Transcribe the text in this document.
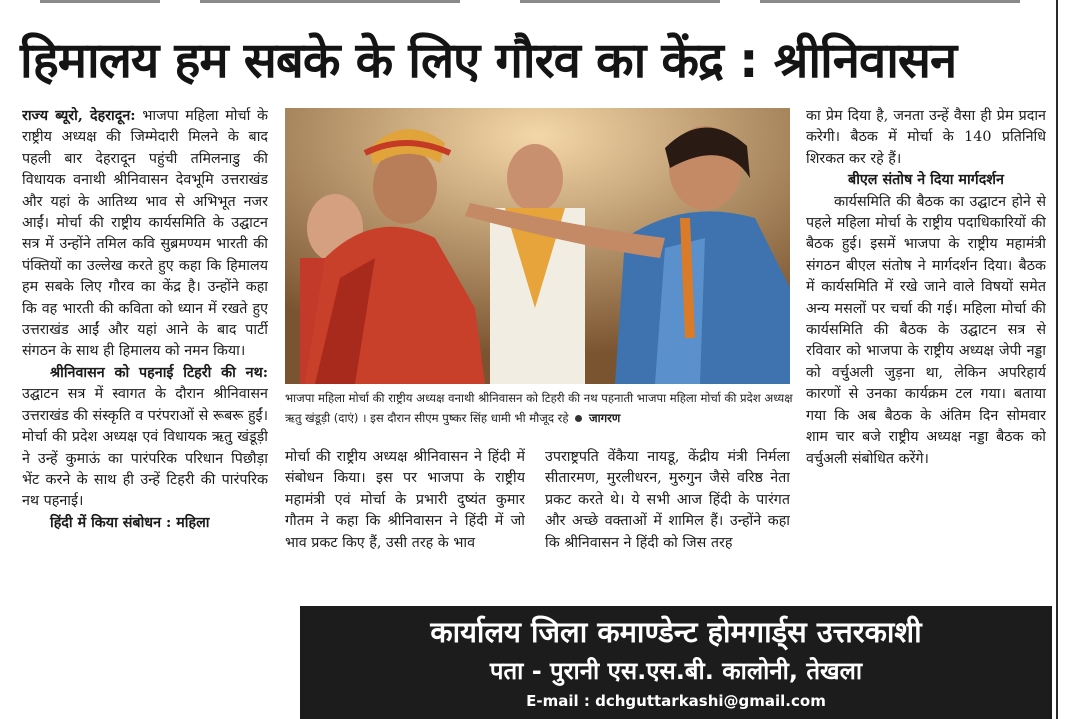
हिमालय हम सबके के लिए गौरव का केंद्र : श्रीनिवासन

राज्य ब्यूरो, देहरादून: भाजपा महिला मोर्चा के राष्ट्रीय अध्यक्ष की जिम्मेदारी मिलने के बाद पहली बार देहरादून पहुंची तमिलनाडु की विधायक वनाथी श्रीनिवासन देवभूमि उत्तराखंड और यहां के आतिथ्य भाव से अभिभूत नजर आईं। मोर्चा की राष्ट्रीय कार्यसमिति के उद्घाटन सत्र में उन्होंने तमिल कवि सुब्रमण्यम भारती की पंक्तियों का उल्लेख करते हुए कहा कि हिमालय हम सबके लिए गौरव का केंद्र है। उन्होंने कहा कि वह भारती की कविता को ध्यान में रखते हुए उत्तराखंड आईं और यहां आने के बाद पार्टी संगठन के साथ ही हिमालय को नमन किया।

श्रीनिवासन को पहनाई टिहरी की नथ: उद्घाटन सत्र में स्वागत के दौरान श्रीनिवासन उत्तराखंड की संस्कृति व परंपराओं से रूबरू हुईं। मोर्चा की प्रदेश अध्यक्ष एवं विधायक ऋतु खंडूड़ी ने उन्हें कुमाऊं का पारंपरिक परिधान पिछौड़ा भेंट करने के साथ ही उन्हें टिहरी की पारंपरिक नथ पहनाई।

हिंदी में किया संबोधन : महिला

भाजपा महिला मोर्चा की राष्ट्रीय अध्यक्ष वनाथी श्रीनिवासन को टिहरी की नथ पहनाती भाजपा महिला मोर्चा की प्रदेश अध्यक्ष ऋतु खंडूड़ी (दाएं) । इस दौरान सीएम पुष्कर सिंह धामी भी मौजूद रहे जागरण

मोर्चा की राष्ट्रीय अध्यक्ष श्रीनिवासन ने हिंदी में संबोधन किया। इस पर भाजपा के राष्ट्रीय महामंत्री एवं मोर्चा के प्रभारी दुष्यंत कुमार गौतम ने कहा कि श्रीनिवासन ने हिंदी में जो भाव प्रकट किए हैं, उसी तरह के भाव

उपराष्ट्रपति वेंकैया नायडू, केंद्रीय मंत्री निर्मला सीतारमण, मुरलीधरन, मुरुगुन जैसे वरिष्ठ नेता प्रकट करते थे। ये सभी आज हिंदी के पारंगत और अच्छे वक्ताओं में शामिल हैं। उन्होंने कहा कि श्रीनिवासन ने हिंदी को जिस तरह

का प्रेम दिया है, जनता उन्हें वैसा ही प्रेम प्रदान करेगी। बैठक में मोर्चा के 140 प्रतिनिधि शिरकत कर रहे हैं।

बीएल संतोष ने दिया मार्गदर्शन

कार्यसमिति की बैठक का उद्घाटन होने से पहले महिला मोर्चा के राष्ट्रीय पदाधिकारियों की बैठक हुई। इसमें भाजपा के राष्ट्रीय महामंत्री संगठन बीएल संतोष ने मार्गदर्शन दिया। बैठक में कार्यसमिति में रखे जाने वाले विषयों समेत अन्य मसलों पर चर्चा की गई। महिला मोर्चा की कार्यसमिति की बैठक के उद्घाटन सत्र से रविवार को भाजपा के राष्ट्रीय अध्यक्ष जेपी नड्डा को वर्चुअली जुड़ना था, लेकिन अपरिहार्य कारणों से उनका कार्यक्रम टल गया। बताया गया कि अब बैठक के अंतिम दिन सोमवार शाम चार बजे राष्ट्रीय अध्यक्ष नड्डा बैठक को वर्चुअली संबोधित करेंगे।

कार्यालय जिला कमाण्डेन्ट होमगार्ड्स उत्तरकाशी
पता - पुरानी एस.एस.बी. कालोनी, तेखला
E-mail : dchguttarkashi@gmail.com
